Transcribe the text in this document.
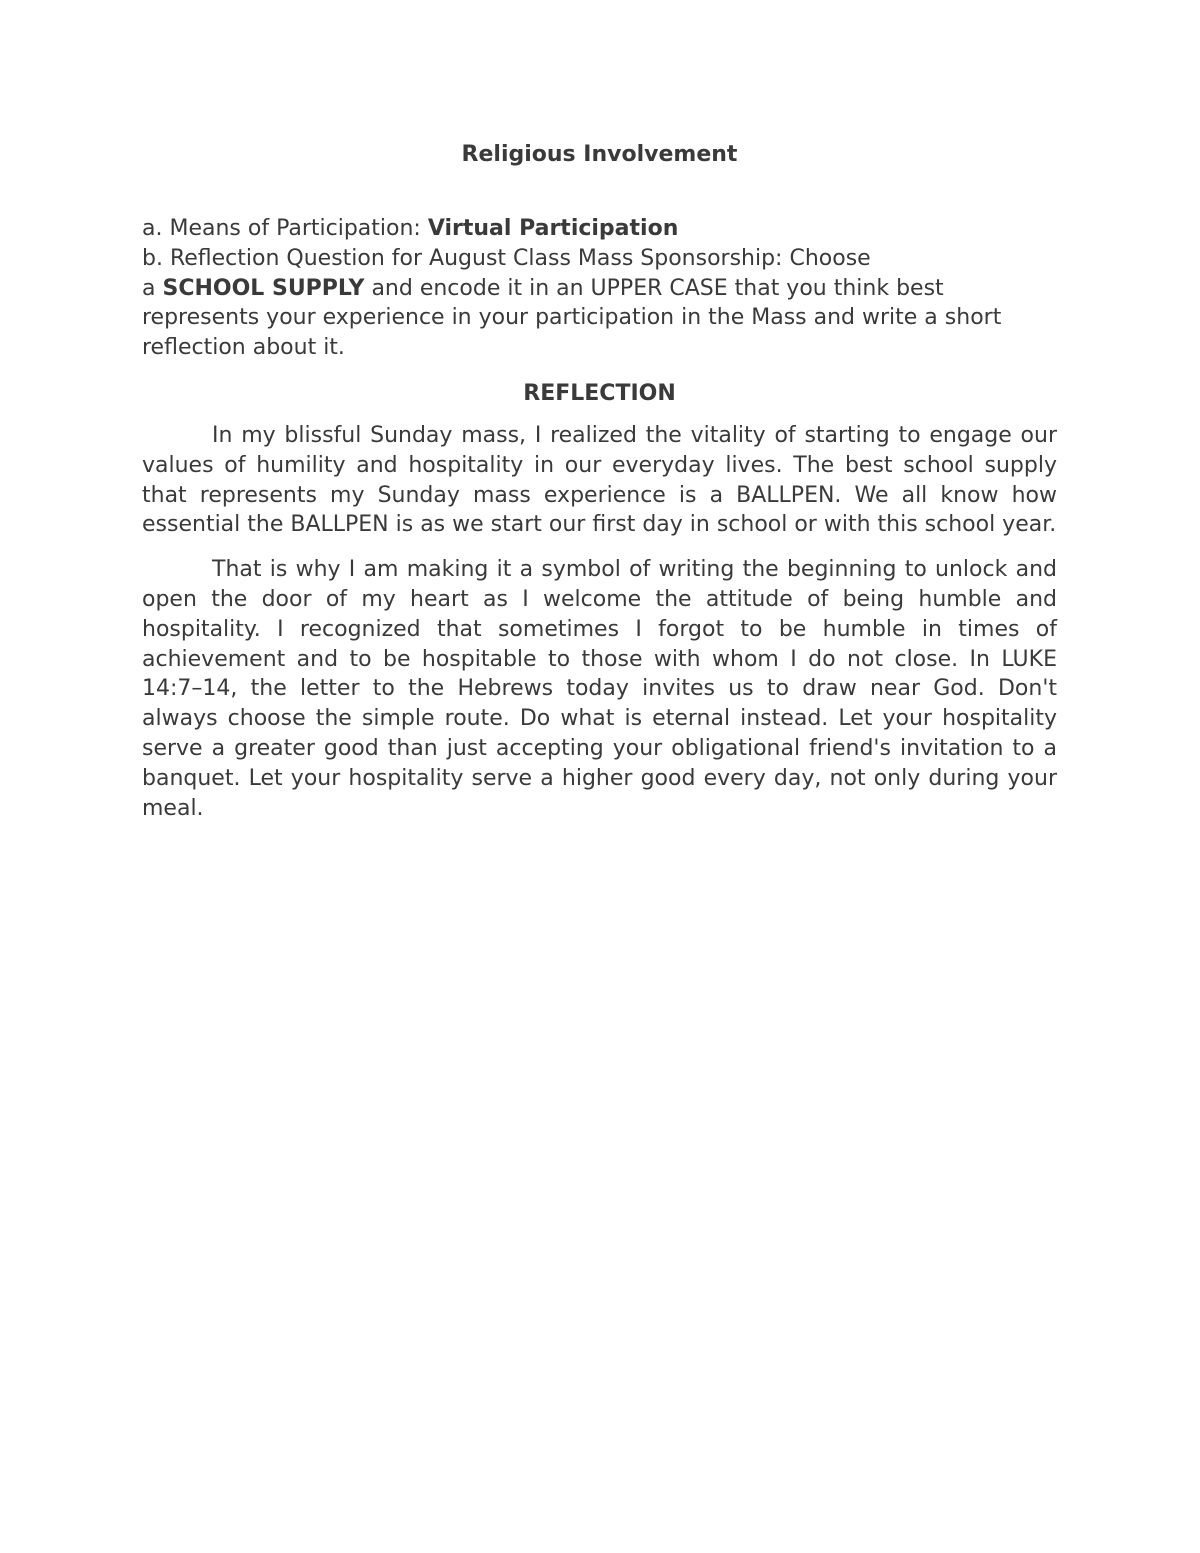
Religious Involvement

a. Means of Participation: Virtual Participation

b. Reflection Question for August Class Mass Sponsorship: Choose

a SCHOOL SUPPLY and encode it in an UPPER CASE that you think best represents your experience in your participation in the Mass and write a short reflection about it.

REFLECTION

In my blissful Sunday mass, I realized the vitality of starting to engage our values of humility and hospitality in our everyday lives. The best school supply that represents my Sunday mass experience is a BALLPEN. We all know how essential the BALLPEN is as we start our first day in school or with this school year.

That is why I am making it a symbol of writing the beginning to unlock and open the door of my heart as I welcome the attitude of being humble and hospitality. I recognized that sometimes I forgot to be humble in times of achievement and to be hospitable to those with whom I do not close. In LUKE 14:7–14, the letter to the Hebrews today invites us to draw near God. Don't always choose the simple route. Do what is eternal instead. Let your hospitality serve a greater good than just accepting your obligational friend's invitation to a banquet. Let your hospitality serve a higher good every day, not only during your meal.
